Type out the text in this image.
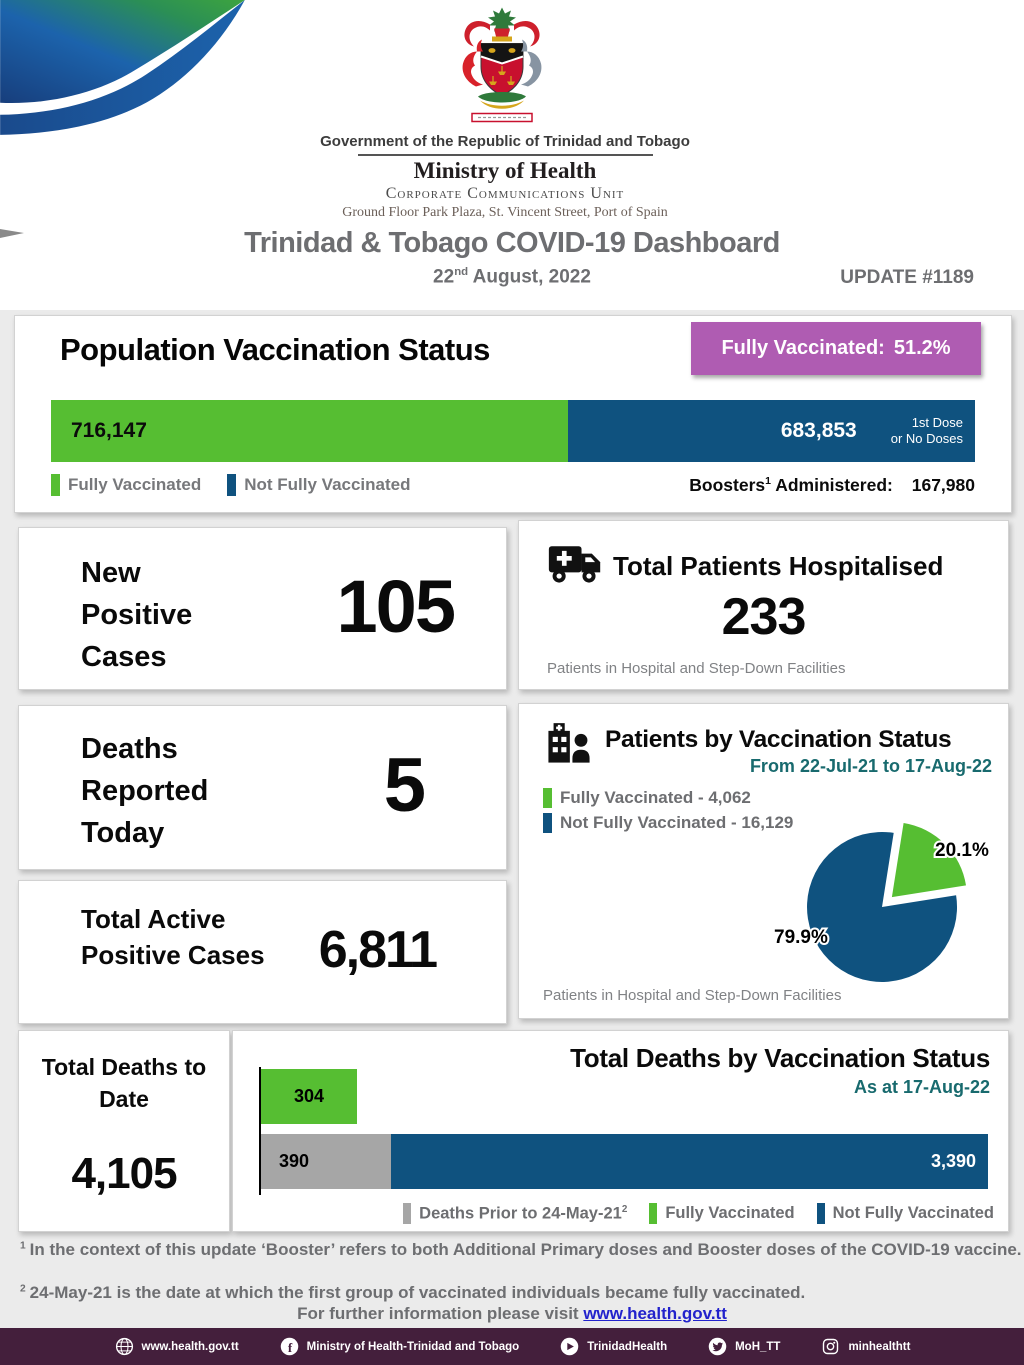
Government of the Republic of Trinidad and Tobago
Ministry of Health
Corporate Communications Unit
Ground Floor Park Plaza, St. Vincent Street, Port of Spain
Trinidad & Tobago COVID-19 Dashboard
22nd August, 2022	UPDATE #1189
Population Vaccination Status	Fully Vaccinated: 51.2%
716,147	683,853	1st Dose
or No Doses
Fully Vaccinated	Not Fully Vaccinated	Boosters$^1$ Administered: 167,980
New Positive Cases
105	Total Patients Hospitalised
233
Patients in Hospital and Step-Down Facilities
Deaths Reported Today
5
Patients by Vaccination Status
From 22-Jul-21 to 17-Aug-22
Fully Vaccinated - 4,062
Not Fully Vaccinated - 16,129
20.1%
79.9%
Patients in Hospital and Step-Down Facilities
Total Active Positive Cases 6,811
Total Deaths to Date
4,105
Total Deaths by Vaccination Status
As at 17-Aug-22
304
390	3,390
Deaths Prior to $24-May-21^2$ Fully Vaccinated Not Fully Vaccinated
$^1$ In the context of this update ‘Booster’ refers to both Additional Primary doses and Booster doses of the COVID-19 vaccine.
$^2$ 24-May-21 is the date at which the first group of vaccinated individuals became fully vaccinated.
For further information please visit www.health.gov.tt
www.health.gov.tt	f Ministry of Health-Trinidad and Tobago	TrinidadHealth	MoH_TT	minhealthtt
